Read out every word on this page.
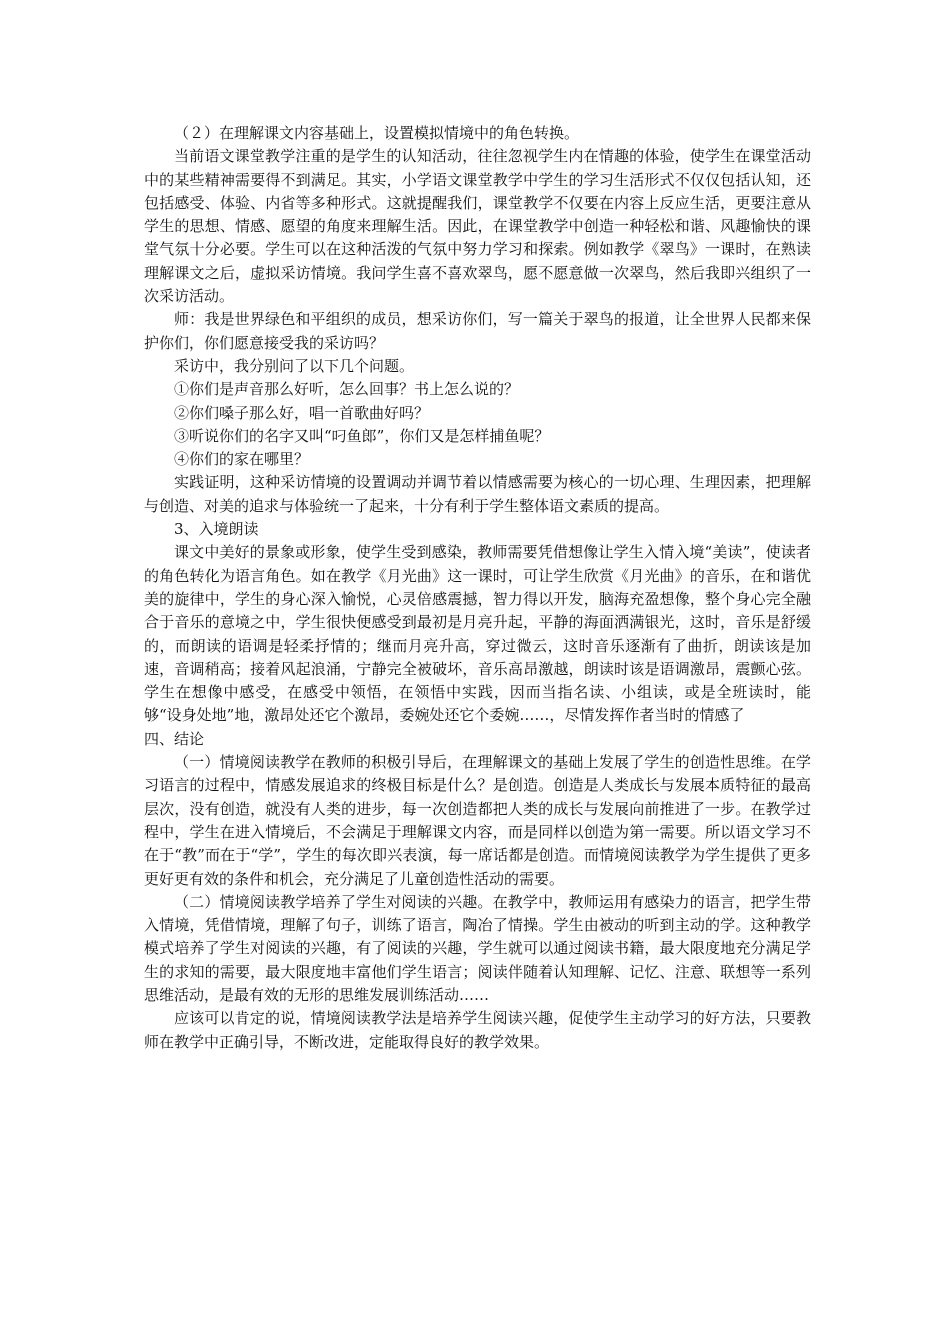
（２）在理解课文内容基础上，设置模拟情境中的角色转换。

当前语文课堂教学注重的是学生的认知活动，往往忽视学生内在情趣的体验，使学生在课堂活动中的某些精神需要得不到满足。其实，小学语文课堂教学中学生的学习生活形式不仅仅包括认知，还包括感受、体验、内省等多种形式。这就提醒我们，课堂教学不仅要在内容上反应生活，更要注意从学生的思想、情感、愿望的角度来理解生活。因此，在课堂教学中创造一种轻松和谐、风趣愉快的课堂气氛十分必要。学生可以在这种活泼的气氛中努力学习和探索。例如教学《翠鸟》一课时，在熟读理解课文之后，虚拟采访情境。我问学生喜不喜欢翠鸟，愿不愿意做一次翠鸟，然后我即兴组织了一次采访活动。

师：我是世界绿色和平组织的成员，想采访你们，写一篇关于翠鸟的报道，让全世界人民都来保护你们，你们愿意接受我的采访吗？

采访中，我分别问了以下几个问题。

①你们是声音那么好听，怎么回事？书上怎么说的？

②你们嗓子那么好，唱一首歌曲好吗？

③听说你们的名字又叫“叼鱼郎”，你们又是怎样捕鱼呢？

④你们的家在哪里？

实践证明，这种采访情境的设置调动并调节着以情感需要为核心的一切心理、生理因素，把理解与创造、对美的追求与体验统一了起来，十分有利于学生整体语文素质的提高。

3、入境朗读

课文中美好的景象或形象，使学生受到感染，教师需要凭借想像让学生入情入境“美读”，使读者的角色转化为语言角色。如在教学《月光曲》这一课时，可让学生欣赏《月光曲》的音乐，在和谐优美的旋律中，学生的身心深入愉悦，心灵倍感震撼，智力得以开发，脑海充盈想像，整个身心完全融合于音乐的意境之中，学生很快便感受到最初是月亮升起，平静的海面洒满银光，这时，音乐是舒缓的，而朗读的语调是轻柔抒情的；继而月亮升高，穿过微云，这时音乐逐渐有了曲折，朗读该是加速，音调稍高；接着风起浪涌，宁静完全被破坏，音乐高昂激越，朗读时该是语调激昂，震颤心弦。学生在想像中感受，在感受中领悟，在领悟中实践，因而当指名读、小组读，或是全班读时，能够“设身处地”地，激昂处还它个激昂，委婉处还它个委婉……，尽情发挥作者当时的情感了

四、结论

（一）情境阅读教学在教师的积极引导后，在理解课文的基础上发展了学生的创造性思维。在学习语言的过程中，情感发展追求的终极目标是什么？是创造。创造是人类成长与发展本质特征的最高层次，没有创造，就没有人类的进步，每一次创造都把人类的成长与发展向前推进了一步。在教学过程中，学生在进入情境后，不会满足于理解课文内容，而是同样以创造为第一需要。所以语文学习不在于“教”而在于“学”，学生的每次即兴表演，每一席话都是创造。而情境阅读教学为学生提供了更多更好更有效的条件和机会，充分满足了儿童创造性活动的需要。

（二）情境阅读教学培养了学生对阅读的兴趣。在教学中，教师运用有感染力的语言，把学生带入情境，凭借情境，理解了句子，训练了语言，陶冶了情操。学生由被动的听到主动的学。这种教学模式培养了学生对阅读的兴趣，有了阅读的兴趣，学生就可以通过阅读书籍，最大限度地充分满足学生的求知的需要，最大限度地丰富他们学生语言；阅读伴随着认知理解、记忆、注意、联想等一系列思维活动，是最有效的无形的思维发展训练活动……

应该可以肯定的说，情境阅读教学法是培养学生阅读兴趣，促使学生主动学习的好方法，只要教师在教学中正确引导，不断改进，定能取得良好的教学效果。
